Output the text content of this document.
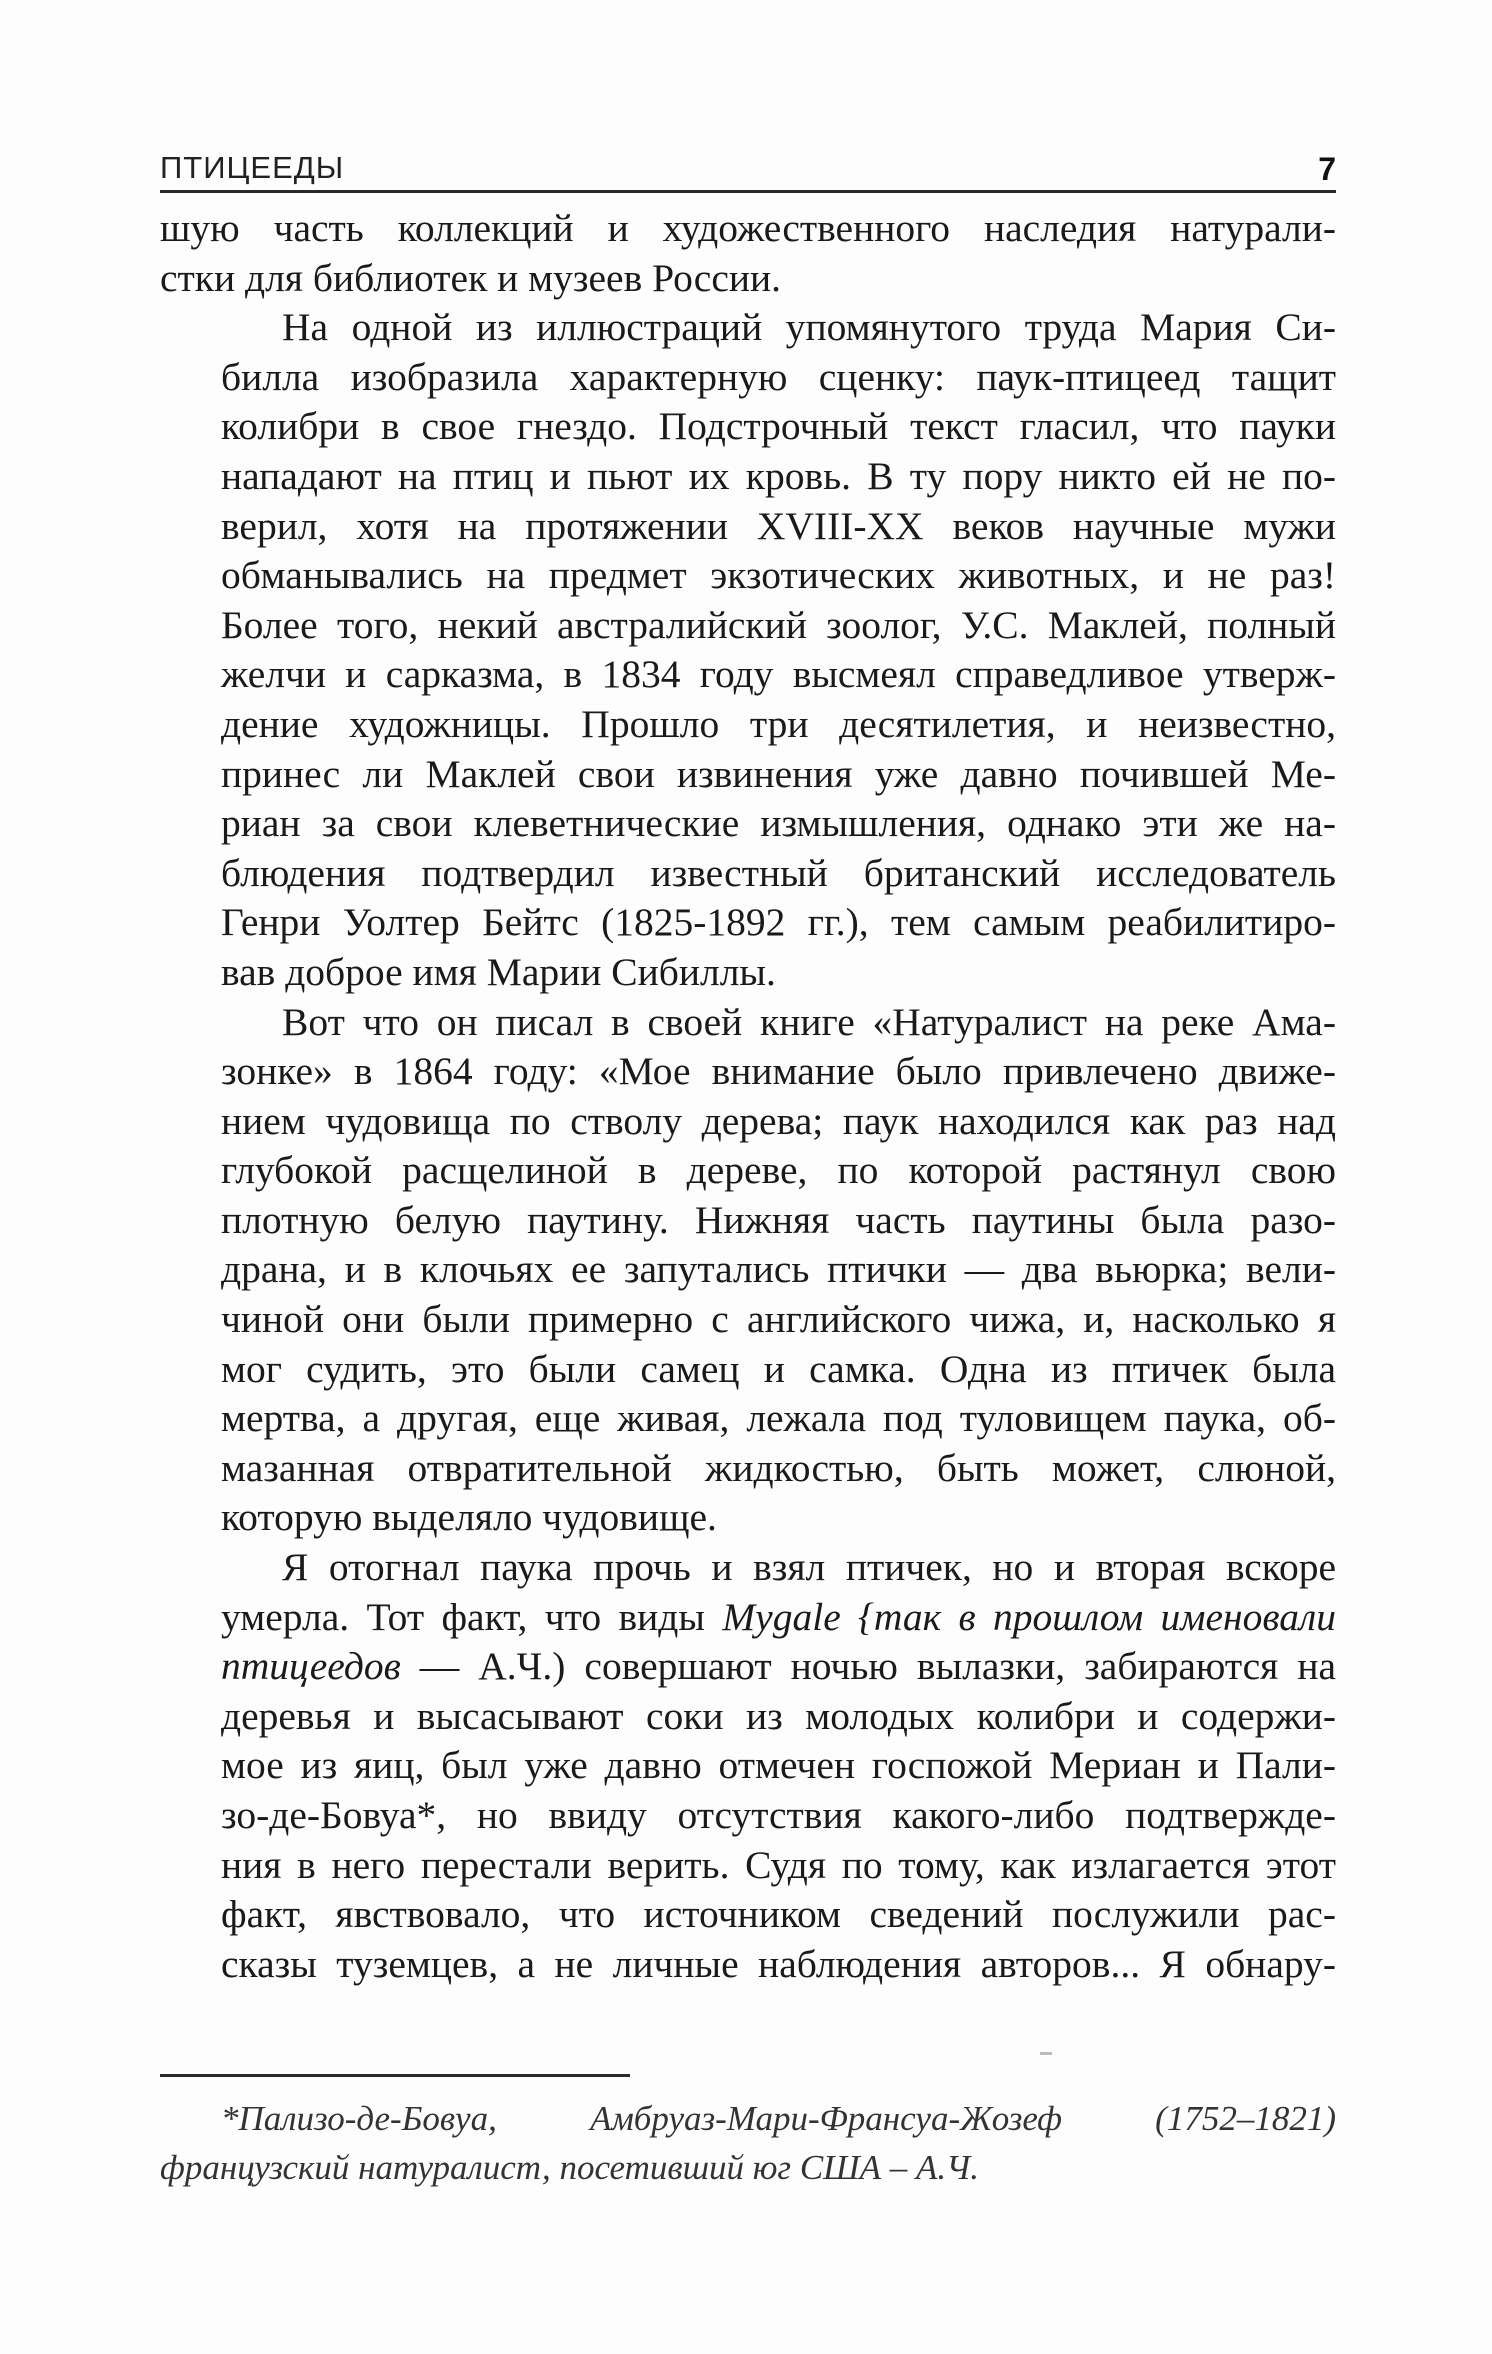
ПТИЦЕЕДЫ	7

шую часть коллекций и художественного наследия натурали-
стки для библиотек и музеев России.

На одной из иллюстраций упомянутого труда Мария Си-
билла изобразила характерную сценку: паук-птицеед тащит
колибри в свое гнездо. Подстрочный текст гласил, что пауки
нападают на птиц и пьют их кровь. В ту пору никто ей не по-
верил, хотя на протяжении XVIII-XX веков научные мужи
обманывались на предмет экзотических животных, и не раз!
Более того, некий австралийский зоолог, У.С. Маклей, полный
желчи и сарказма, в 1834 году высмеял справедливое утверж-
дение художницы. Прошло три десятилетия, и неизвестно,
принес ли Маклей свои извинения уже давно почившей Ме-
риан за свои клеветнические измышления, однако эти же на-
блюдения подтвердил известный британский исследователь
Генри Уолтер Бейтс (1825-1892 гг.), тем самым реабилитиро-
вав доброе имя Марии Сибиллы.

Вот что он писал в своей книге «Натуралист на реке Ама-
зонке» в 1864 году: «Мое внимание было привлечено движе-
нием чудовища по стволу дерева; паук находился как раз над
глубокой расщелиной в дереве, по которой растянул свою
плотную белую паутину. Нижняя часть паутины была разо-
драна, и в клочьях ее запутались птички — два вьюрка; вели-
чиной они были примерно с английского чижа, и, насколько я
мог судить, это были самец и самка. Одна из птичек была
мертва, а другая, еще живая, лежала под туловищем паука, об-
мазанная отвратительной жидкостью, быть может, слюной,
которую выделяло чудовище.

Я отогнал паука прочь и взял птичек, но и вторая вскоре
умерла. Тот факт, что виды Mygale {так в прошлом именовали
птицеедов — А.Ч.) совершают ночью вылазки, забираются на
деревья и высасывают соки из молодых колибри и содержи-
мое из яиц, был уже давно отмечен госпожой Мериан и Пали-
зо-де-Бовуа*, но ввиду отсутствия какого-либо подтвержде-
ния в него перестали верить. Судя по тому, как излагается этот
факт, явствовало, что источником сведений послужили рас-
сказы туземцев, а не личные наблюдения авторов... Я обнару-

*Пализо-де-Бовуа, Амбруаз-Мари-Франсуа-Жозеф (1752–1821)
французский натуралист, посетивший юг США – А.Ч.
